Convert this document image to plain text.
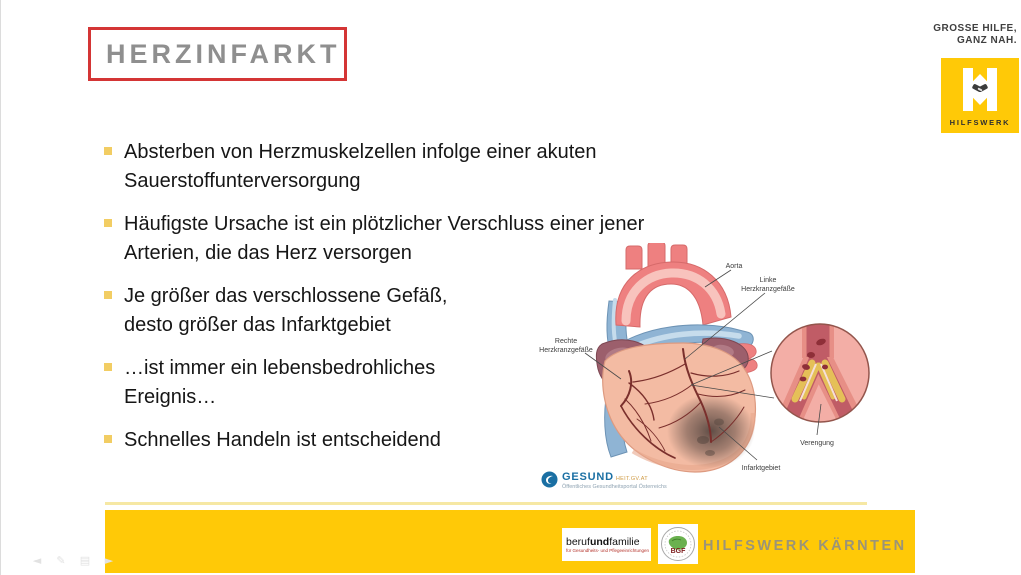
HERZINFARKT
GROSSE HILFE,
GANZ NAH.
HILFSWERK
Absterben von Herzmuskelzellen infolge einer akuten
Sauerstoffunterversorgung
Häufigste Ursache ist ein plötzlicher Verschluss einer jener
Arterien, die das Herz versorgen
Je größer das verschlossene Gefäß,
desto größer das Infarktgebiet
…ist immer ein lebensbedrohliches
Ereignis…
Schnelles Handeln ist entscheidend
Aorta
Linke
Herzkranzgefäße
Rechte
Herzkranzgefäße
Verengung
Infarktgebiet
GESUND HEIT.GV.AT
Öffentliches Gesundheitsportal Österreichs
berufundfamilie
für Gesundheits- und Pflegeeinrichtungen	BGF HILFSWERK KÄRNTEN
◄ ✎ ▤ ►
